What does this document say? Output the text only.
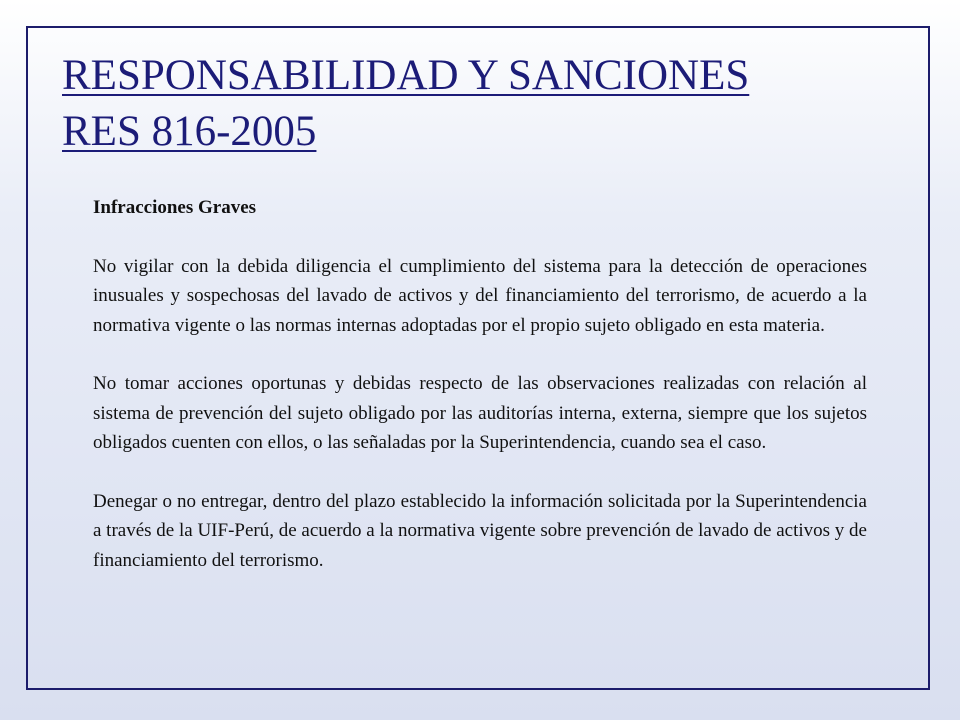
RESPONSABILIDAD Y SANCIONES
RES 816-2005

Infracciones Graves

No vigilar con la debida diligencia el cumplimiento del sistema para la detección de operaciones inusuales y sospechosas del lavado de activos y del financiamiento del terrorismo, de acuerdo a la normativa vigente o las normas internas adoptadas por el propio sujeto obligado en esta materia.

No tomar acciones oportunas y debidas respecto de las observaciones realizadas con relación al sistema de prevención del sujeto obligado por las auditorías interna, externa, siempre que los sujetos obligados cuenten con ellos, o las señaladas por la Superintendencia, cuando sea el caso.

Denegar o no entregar, dentro del plazo establecido la información solicitada por la Superintendencia a través de la UIF-Perú, de acuerdo a la normativa vigente sobre prevención de lavado de activos y de financiamiento del terrorismo.
